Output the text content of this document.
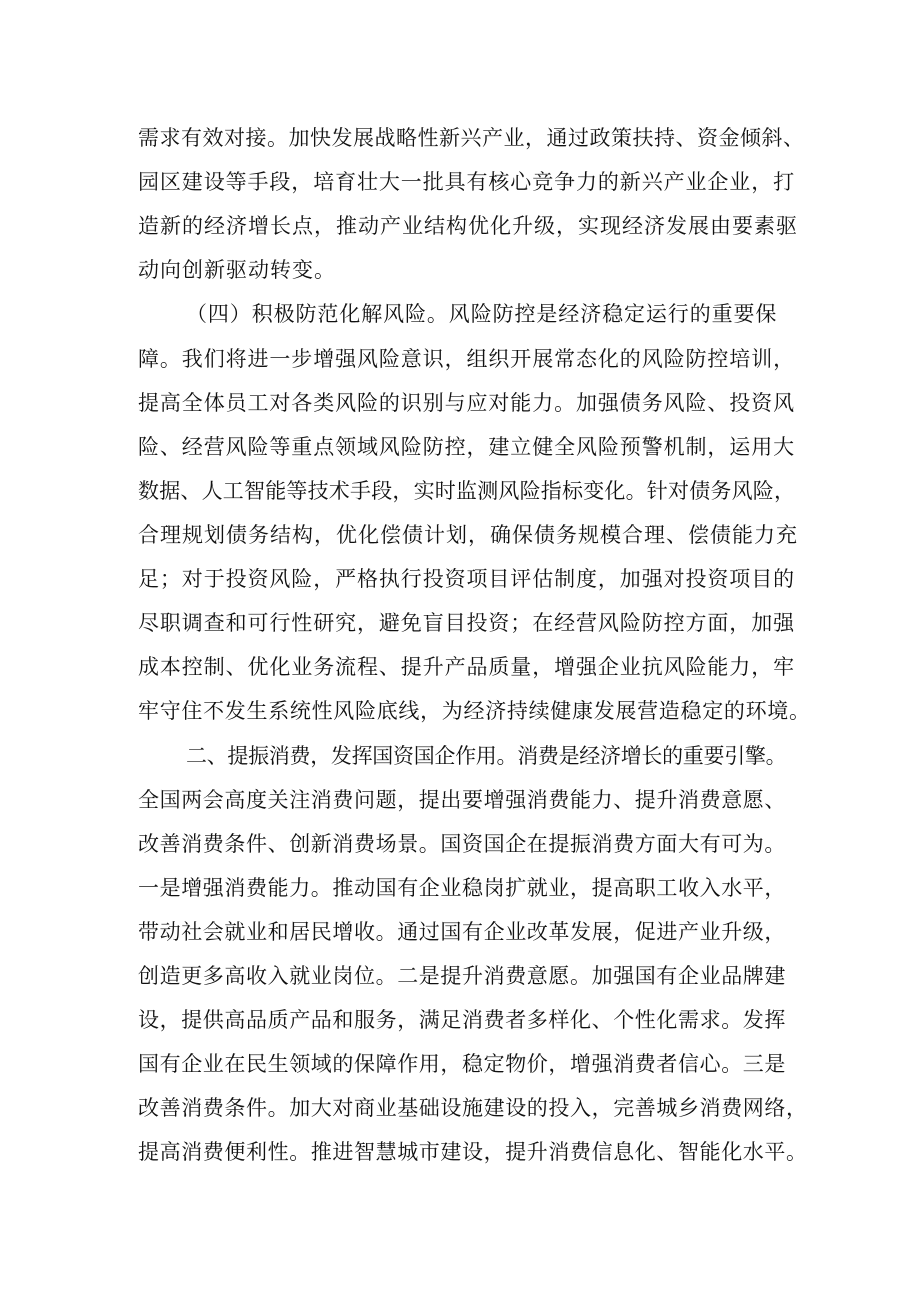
需求有效对接。加快发展战略性新兴产业，通过政策扶持、资金倾斜、
园区建设等手段，培育壮大一批具有核心竞争力的新兴产业企业，打
造新的经济增长点，推动产业结构优化升级，实现经济发展由要素驱
动向创新驱动转变。
（四）积极防范化解风险。风险防控是经济稳定运行的重要保
障。我们将进一步增强风险意识，组织开展常态化的风险防控培训，
提高全体员工对各类风险的识别与应对能力。加强债务风险、投资风
险、经营风险等重点领域风险防控，建立健全风险预警机制，运用大
数据、人工智能等技术手段，实时监测风险指标变化。针对债务风险，
合理规划债务结构，优化偿债计划，确保债务规模合理、偿债能力充
足；对于投资风险，严格执行投资项目评估制度，加强对投资项目的
尽职调查和可行性研究，避免盲目投资；在经营风险防控方面，加强
成本控制、优化业务流程、提升产品质量，增强企业抗风险能力，牢
牢守住不发生系统性风险底线，为经济持续健康发展营造稳定的环境。
二、提振消费，发挥国资国企作用。消费是经济增长的重要引擎。
全国两会高度关注消费问题，提出要增强消费能力、提升消费意愿、
改善消费条件、创新消费场景。国资国企在提振消费方面大有可为。
一是增强消费能力。推动国有企业稳岗扩就业，提高职工收入水平，
带动社会就业和居民增收。通过国有企业改革发展，促进产业升级，
创造更多高收入就业岗位。二是提升消费意愿。加强国有企业品牌建
设，提供高品质产品和服务，满足消费者多样化、个性化需求。发挥
国有企业在民生领域的保障作用，稳定物价，增强消费者信心。三是
改善消费条件。加大对商业基础设施建设的投入，完善城乡消费网络，
提高消费便利性。推进智慧城市建设，提升消费信息化、智能化水平。
